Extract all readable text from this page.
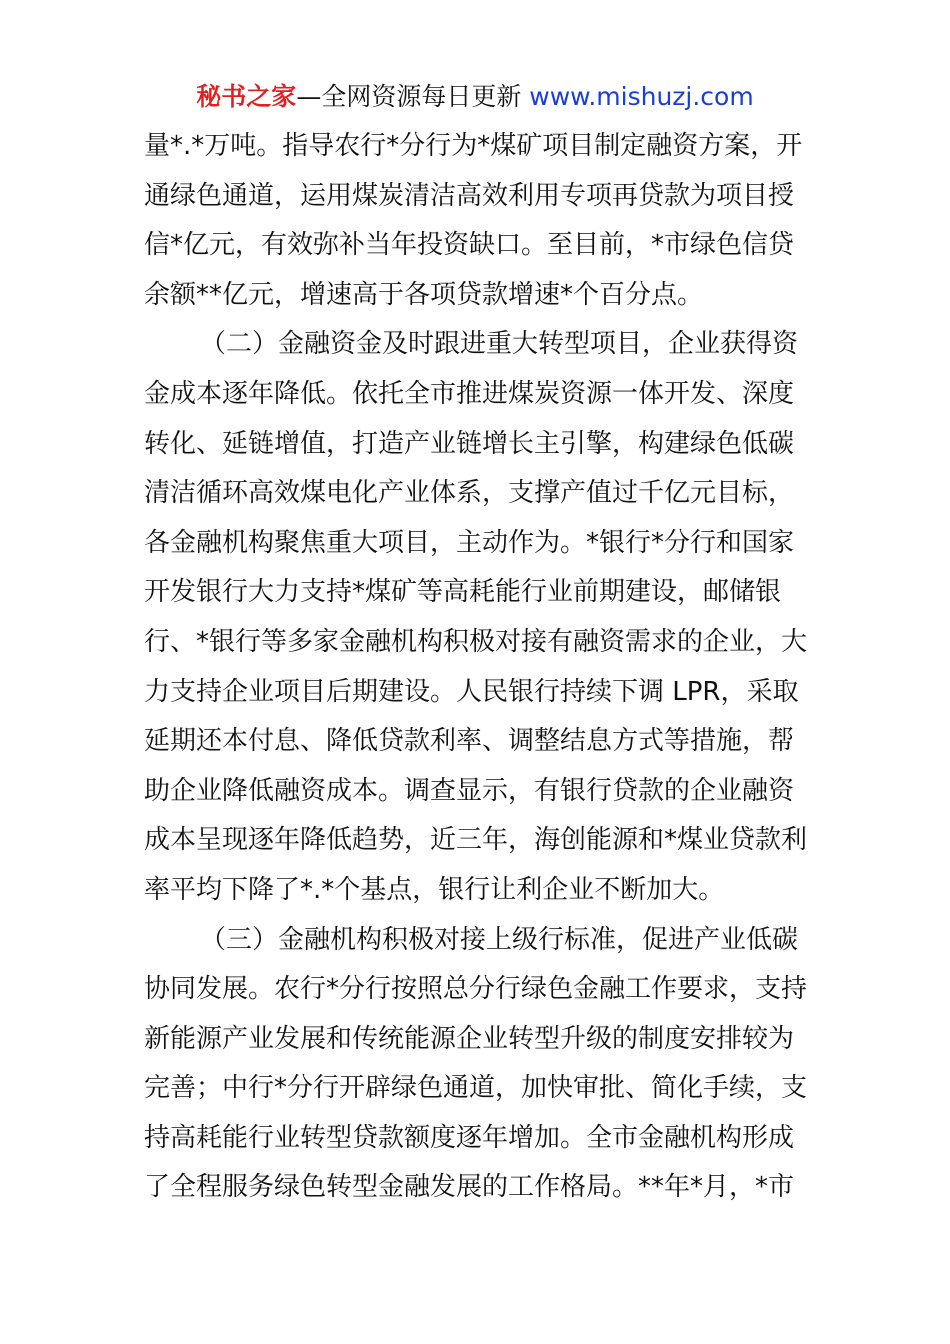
秘书之家—全网资源每日更新 www.mishuzj.com
量*.*万吨。指导农行*分行为*煤矿项目制定融资方案，开
通绿色通道，运用煤炭清洁高效利用专项再贷款为项目授
信*亿元，有效弥补当年投资缺口。至目前，*市绿色信贷
余额**亿元，增速高于各项贷款增速*个百分点。
（二）金融资金及时跟进重大转型项目，企业获得资
金成本逐年降低。依托全市推进煤炭资源一体开发、深度
转化、延链增值，打造产业链增长主引擎，构建绿色低碳
清洁循环高效煤电化产业体系，支撑产值过千亿元目标，
各金融机构聚焦重大项目，主动作为。*银行*分行和国家
开发银行大力支持*煤矿等高耗能行业前期建设，邮储银
行、*银行等多家金融机构积极对接有融资需求的企业，大
力支持企业项目后期建设。人民银行持续下调 LPR，采取
延期还本付息、降低贷款利率、调整结息方式等措施，帮
助企业降低融资成本。调查显示，有银行贷款的企业融资
成本呈现逐年降低趋势，近三年，海创能源和*煤业贷款利
率平均下降了*.*个基点，银行让利企业不断加大。
（三）金融机构积极对接上级行标准，促进产业低碳
协同发展。农行*分行按照总分行绿色金融工作要求，支持
新能源产业发展和传统能源企业转型升级的制度安排较为
完善；中行*分行开辟绿色通道，加快审批、简化手续，支
持高耗能行业转型贷款额度逐年增加。全市金融机构形成
了全程服务绿色转型金融发展的工作格局。**年*月，*市
